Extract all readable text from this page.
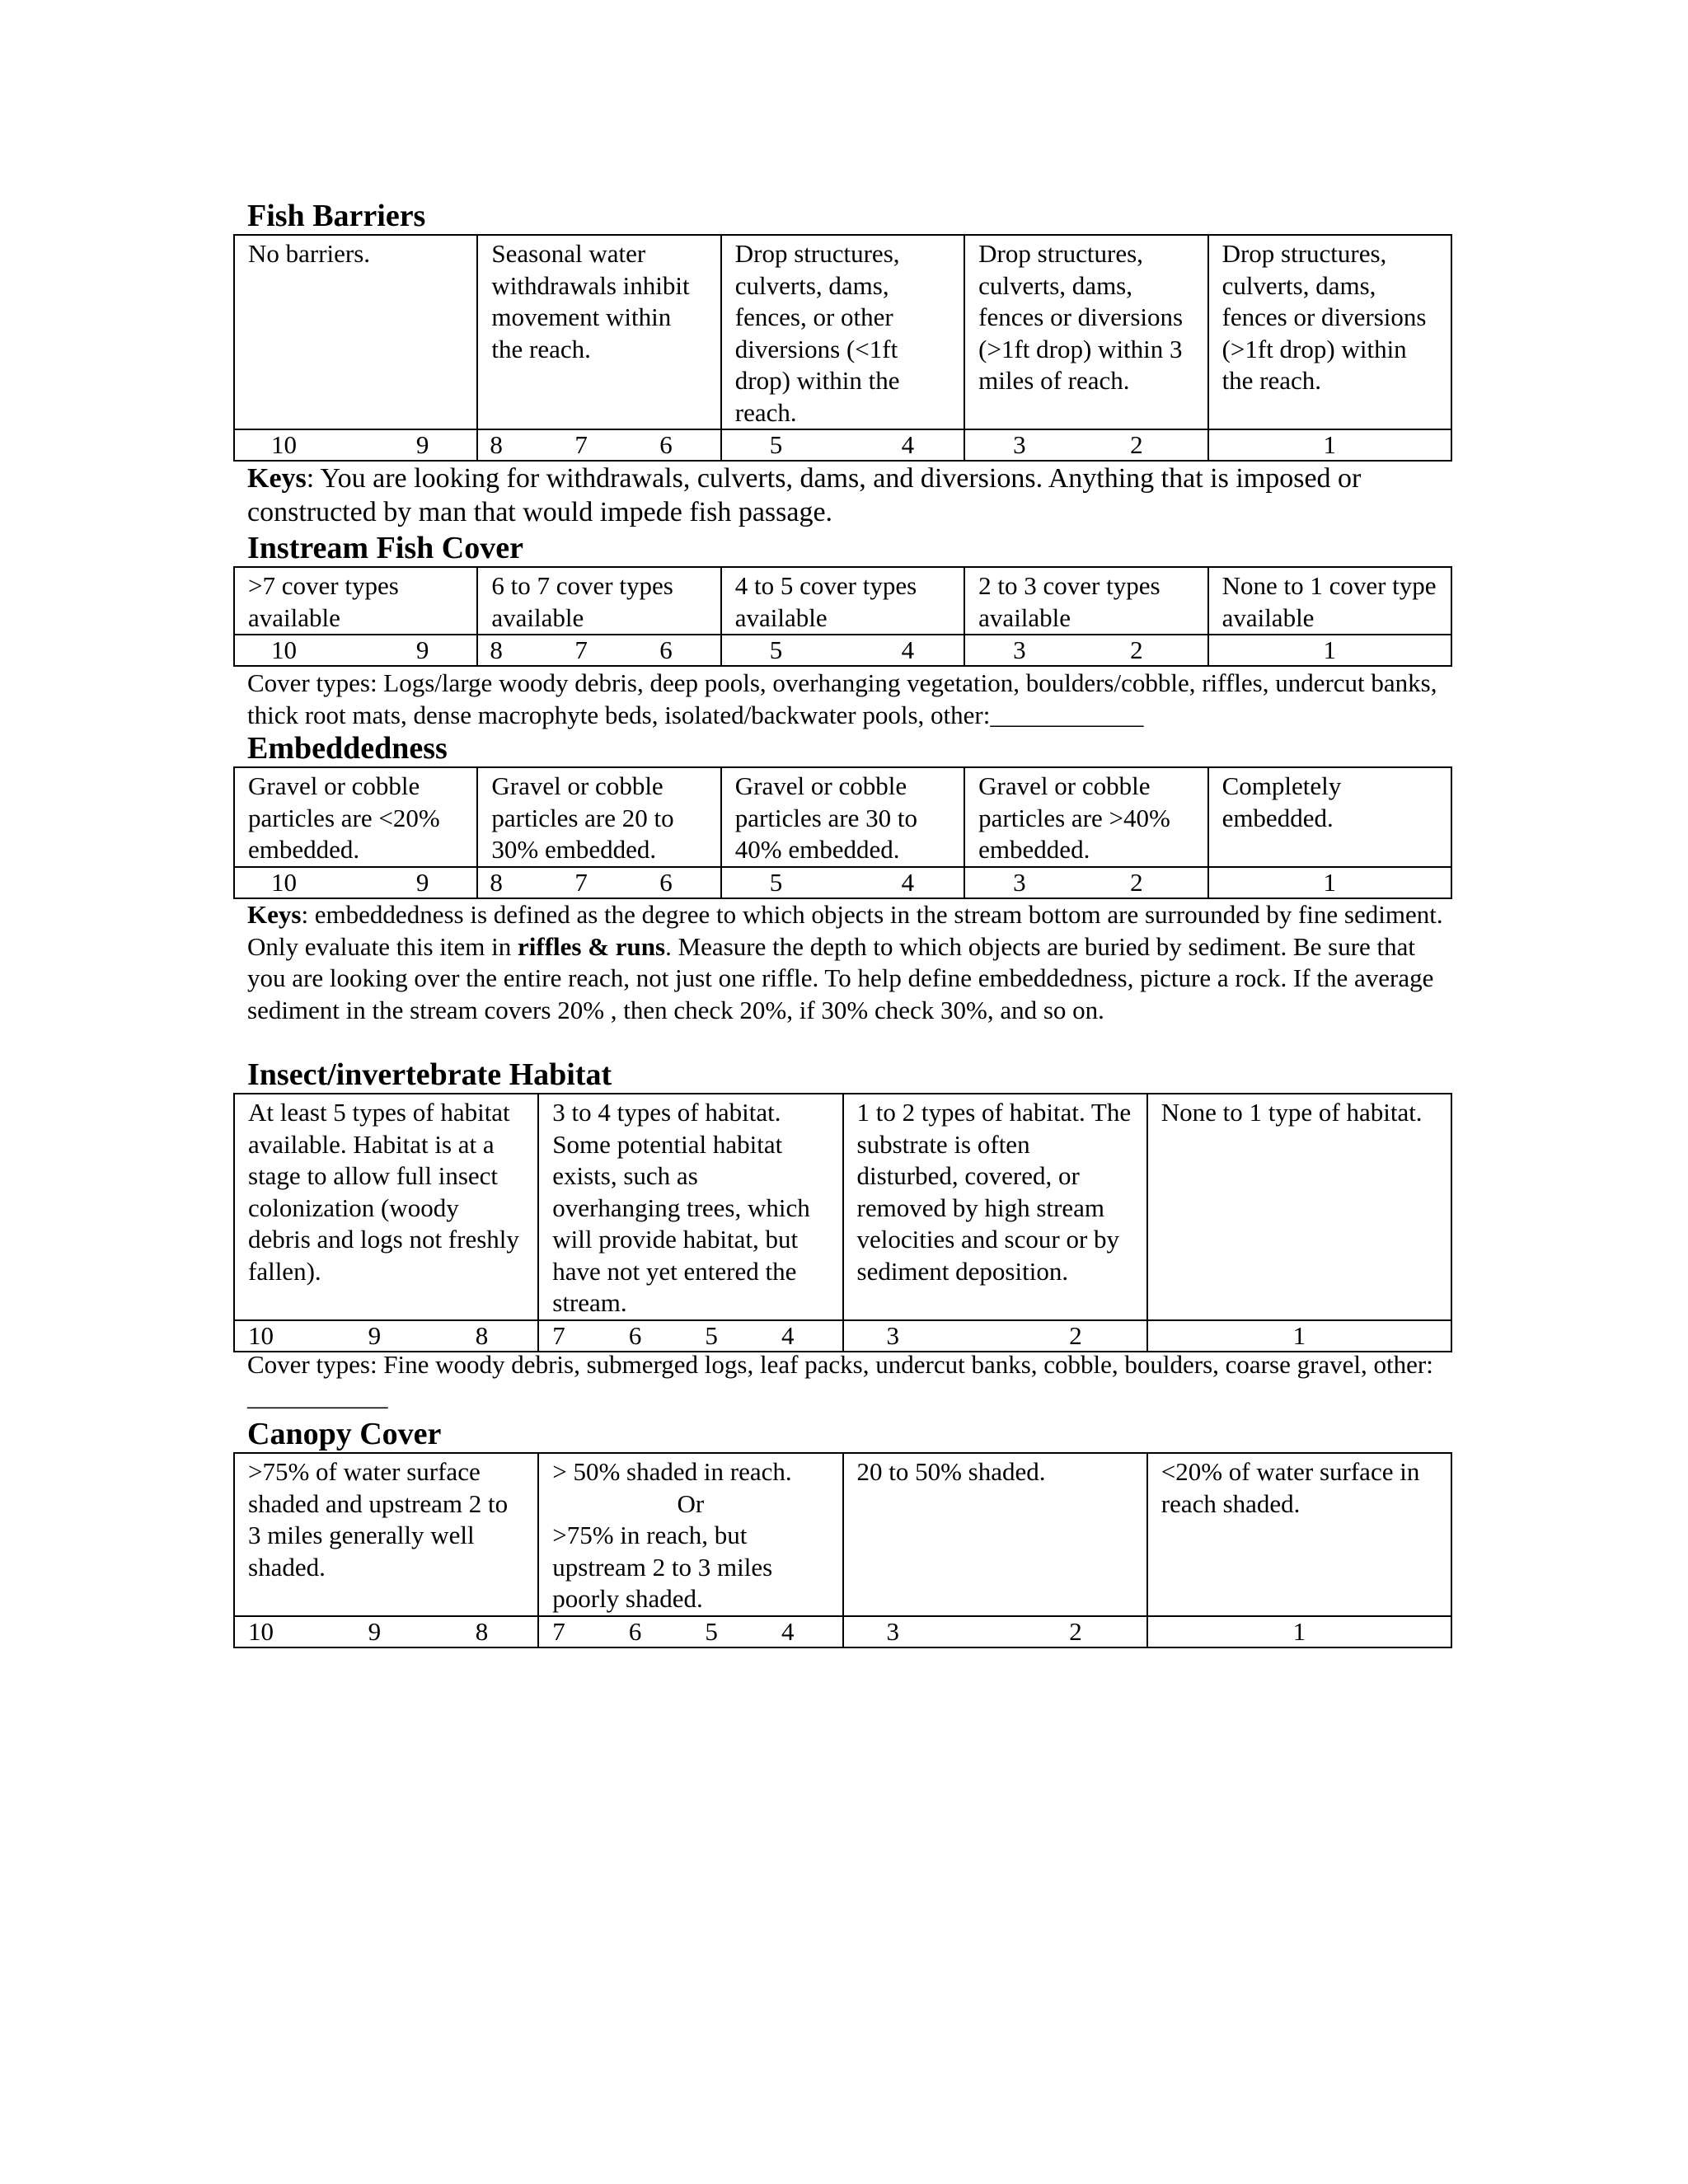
Fish Barriers
No barriers.	Seasonal water withdrawals inhibit movement within the reach.	Drop structures, culverts, dams, fences, or other diversions (<1ft drop) within the reach.	Drop structures, culverts, dams, fences or diversions (>1ft drop) within 3 miles of reach.	Drop structures, culverts, dams, fences or diversions (>1ft drop) within the reach.

10 9	8 7 6	5 4	3 2	1
Keys: You are looking for withdrawals, culverts, dams, and diversions. Anything that is imposed or constructed by man that would impede fish passage.
Instream Fish Cover
>7 cover types available	6 to 7 cover types available	4 to 5 cover types available	2 to 3 cover types available	None to 1 cover type available

10 9	8 7 6	5 4	3 2	1
Cover types: Logs/large woody debris, deep pools, overhanging vegetation, boulders/cobble, riffles, undercut banks, thick root mats, dense macrophyte beds, isolated/backwater pools, other:____________
Embeddedness
Gravel or cobble particles are <20% embedded.	Gravel or cobble particles are 20 to 30% embedded.	Gravel or cobble particles are 30 to 40% embedded.	Gravel or cobble particles are >40% embedded.	Completely embedded.

10 9	8 7 6	5 4	3 2	1
Keys: embeddedness is defined as the degree to which objects in the stream bottom are surrounded by fine sediment. Only evaluate this item in riffles & runs. Measure the depth to which objects are buried by sediment. Be sure that you are looking over the entire reach, not just one riffle. To help define embeddedness, picture a rock. If the average sediment in the stream covers 20% , then check 20%, if 30% check 30%, and so on.
Insect/invertebrate Habitat
At least 5 types of habitat available. Habitat is at a stage to allow full insect colonization (woody debris and logs not freshly fallen).	3 to 4 types of habitat. Some potential habitat exists, such as overhanging trees, which will provide habitat, but have not yet entered the stream.	1 to 2 types of habitat. The substrate is often disturbed, covered, or removed by high stream velocities and scour or by sediment deposition.	None to 1 type of habitat.

10 9 8	7 6 5 4	3 2	1
Cover types: Fine woody debris, submerged logs, leaf packs, undercut banks, cobble, boulders, coarse gravel, other: ___________
Canopy Cover
>75% of water surface shaded and upstream 2 to 3 miles generally well shaded.	> 50% shaded in reach.
Or
>75% in reach, but upstream 2 to 3 miles poorly shaded.	20 to 50% shaded.	<20% of water surface in reach shaded.

10 9 8	7 6 5 4	3 2	1
